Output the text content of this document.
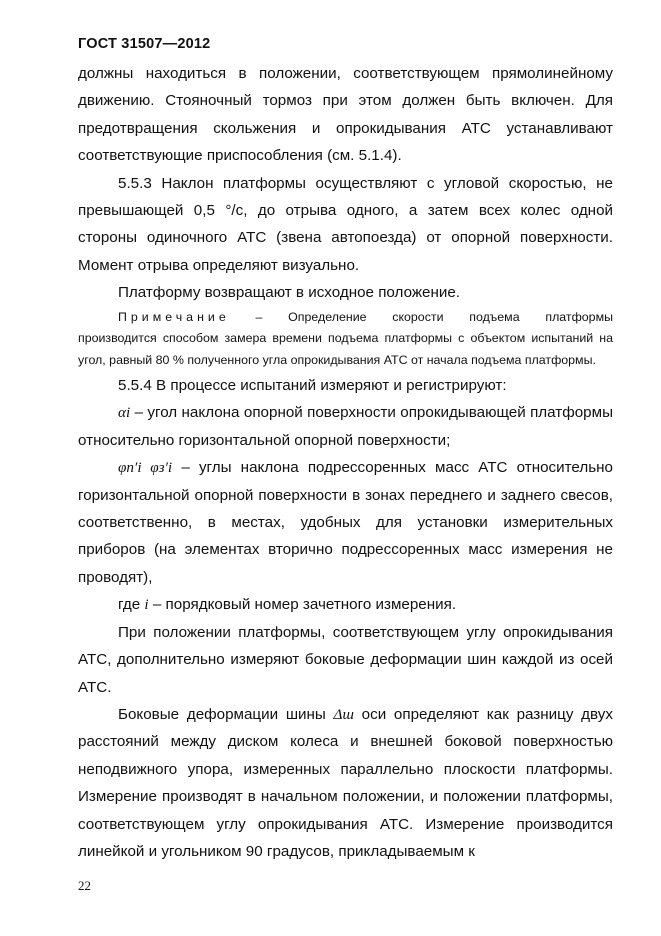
ГОСТ 31507—2012

должны находиться в положении, соответствующем прямолинейному движению. Стояночный тормоз при этом должен быть включен. Для предотвращения скольжения и опрокидывания АТС устанавливают соответствующие приспособления (см. 5.1.4).

5.5.3 Наклон платформы осуществляют с угловой скоростью, не превышающей 0,5 °/с, до отрыва одного, а затем всех колес одной стороны одиночного АТС (звена автопоезда) от опорной поверхности. Момент отрыва определяют визуально.

Платформу возвращают в исходное положение.

Примечание – Определение скорости подъема платформы

производится способом замера времени подъема платформы с объектом испытаний на угол, равный 80 % полученного угла опрокидывания АТС от начала подъема платформы.

5.5.4 В процессе испытаний измеряют и регистрируют:

αi – угол наклона опорной поверхности опрокидывающей платформы относительно горизонтальной опорной поверхности;

φп′i φз′i – углы наклона подрессоренных масс АТС относительно горизонтальной опорной поверхности в зонах переднего и заднего свесов, соответственно, в местах, удобных для установки измерительных приборов (на элементах вторично подрессоренных масс измерения не проводят),

где i – порядковый номер зачетного измерения.

При положении платформы, соответствующем углу опрокидывания АТС, дополнительно измеряют боковые деформации шин каждой из осей АТС.

Боковые деформации шины Δш оси определяют как разницу двух расстояний между диском колеса и внешней боковой поверхностью неподвижного упора, измеренных параллельно плоскости платформы. Измерение производят в начальном положении, и положении платформы, соответствующем углу опрокидывания АТС. Измерение производится линейкой и угольником 90 градусов, прикладываемым к

22
